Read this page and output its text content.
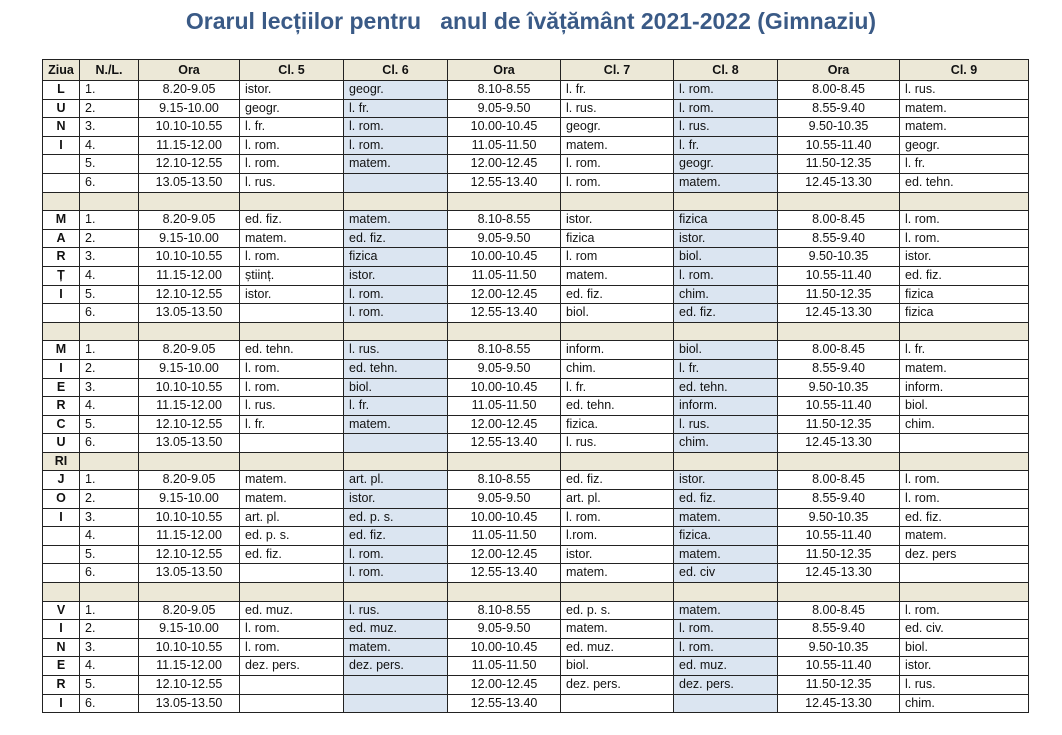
Orarul lecțiilor pentru   anul de îvățământ 2021-2022 (Gimnaziu)
Ziua	N./L.	Ora	Cl. 5	Cl. 6	Ora	Cl. 7	Cl. 8	Ora	Cl. 9
L	1.	8.20-9.05	istor.	geogr.	8.10-8.55	l. fr.	l. rom.	8.00-8.45	l. rus.
U	2.	9.15-10.00	geogr.	l. fr.	9.05-9.50	l. rus.	l. rom.	8.55-9.40	matem.
N	3.	10.10-10.55	l. fr.	l. rom.	10.00-10.45	geogr.	l. rus.	9.50-10.35	matem.
I	4.	11.15-12.00	l. rom.	l. rom.	11.05-11.50	matem.	l. fr.	10.55-11.40	geogr.
	5.	12.10-12.55	l. rom.	matem.	12.00-12.45	l. rom.	geogr.	11.50-12.35	l. fr.
	6.	13.05-13.50	l. rus.		12.55-13.40	l. rom.	matem.	12.45-13.30	ed. tehn.

M	1.	8.20-9.05	ed. fiz.	matem.	8.10-8.55	istor.	fizica	8.00-8.45	l. rom.
A	2.	9.15-10.00	matem.	ed. fiz.	9.05-9.50	fizica	istor.	8.55-9.40	l. rom.
R	3.	10.10-10.55	l. rom.	fizica	10.00-10.45	l. rom	biol.	9.50-10.35	istor.
Ț	4.	11.15-12.00	științ.	istor.	11.05-11.50	matem.	l. rom.	10.55-11.40	ed. fiz.
I	5.	12.10-12.55	istor.	l. rom.	12.00-12.45	ed. fiz.	chim.	11.50-12.35	fizica
	6.	13.05-13.50		l. rom.	12.55-13.40	biol.	ed. fiz.	12.45-13.30	fizica

M	1.	8.20-9.05	ed. tehn.	l. rus.	8.10-8.55	inform.	biol.	8.00-8.45	l. fr.
I	2.	9.15-10.00	l. rom.	ed. tehn.	9.05-9.50	chim.	l. fr.	8.55-9.40	matem.
E	3.	10.10-10.55	l. rom.	biol.	10.00-10.45	l. fr.	ed. tehn.	9.50-10.35	inform.
R	4.	11.15-12.00	l. rus.	l. fr.	11.05-11.50	ed. tehn.	inform.	10.55-11.40	biol.
C	5.	12.10-12.55	l. fr.	matem.	12.00-12.45	fizica.	l. rus.	11.50-12.35	chim.
U	6.	13.05-13.50			12.55-13.40	l. rus.	chim.	12.45-13.30	
RI									
J	1.	8.20-9.05	matem.	art. pl.	8.10-8.55	ed. fiz.	istor.	8.00-8.45	l. rom.
O	2.	9.15-10.00	matem.	istor.	9.05-9.50	art. pl.	ed. fiz.	8.55-9.40	l. rom.
I	3.	10.10-10.55	art. pl.	ed. p. s.	10.00-10.45	l. rom.	matem.	9.50-10.35	ed. fiz.
	4.	11.15-12.00	ed. p. s.	ed. fiz.	11.05-11.50	l.rom.	fizica.	10.55-11.40	matem.
	5.	12.10-12.55	ed. fiz.	l. rom.	12.00-12.45	istor.	matem.	11.50-12.35	dez. pers
	6.	13.05-13.50		l. rom.	12.55-13.40	matem.	ed. civ	12.45-13.30	

V	1.	8.20-9.05	ed. muz.	l. rus.	8.10-8.55	ed. p. s.	matem.	8.00-8.45	l. rom.
I	2.	9.15-10.00	l. rom.	ed. muz.	9.05-9.50	matem.	l. rom.	8.55-9.40	ed. civ.
N	3.	10.10-10.55	l. rom.	matem.	10.00-10.45	ed. muz.	l. rom.	9.50-10.35	biol.
E	4.	11.15-12.00	dez. pers.	dez. pers.	11.05-11.50	biol.	ed. muz.	10.55-11.40	istor.
R	5.	12.10-12.55			12.00-12.45	dez. pers.	dez. pers.	11.50-12.35	l. rus.
I	6.	13.05-13.50			12.55-13.40			12.45-13.30	chim.
